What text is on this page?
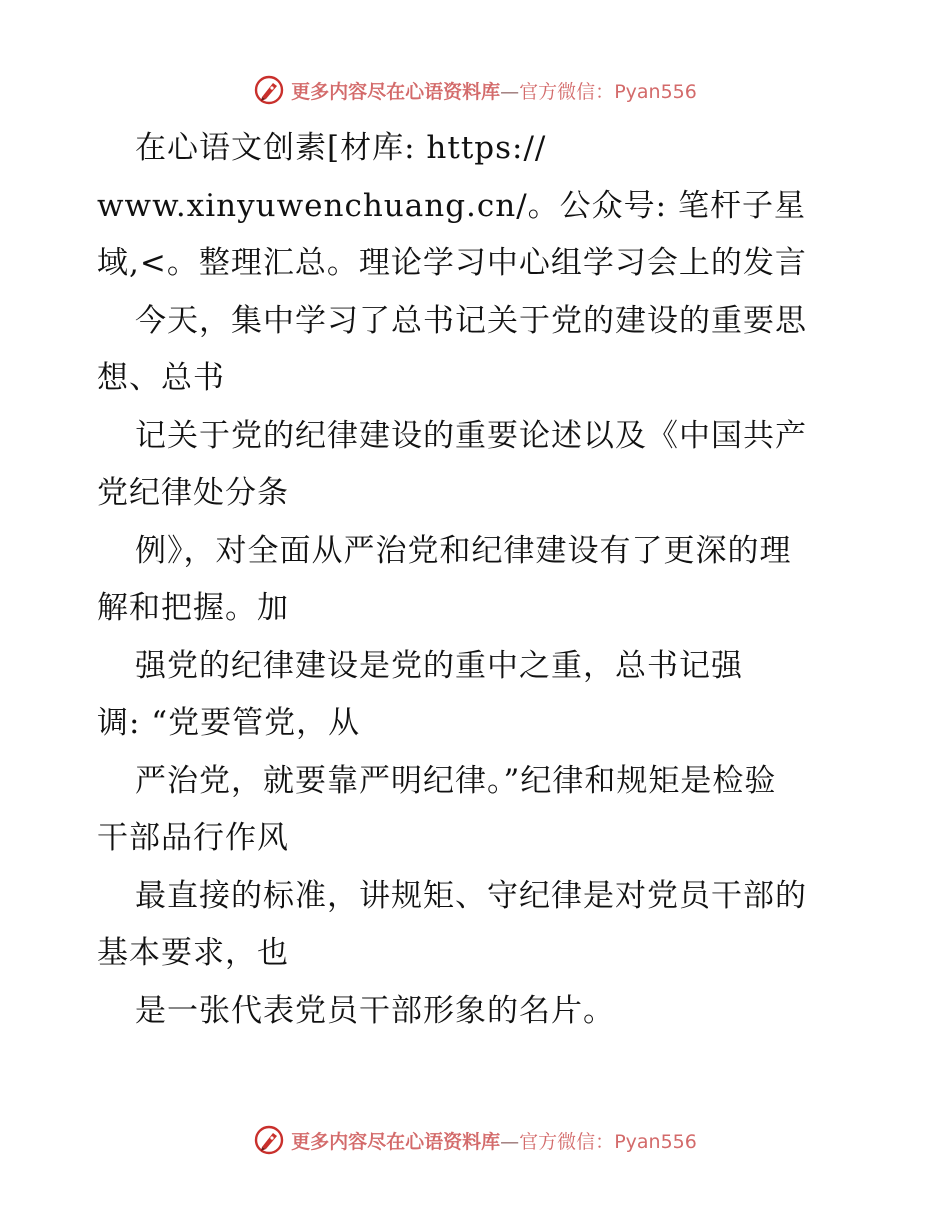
更多内容尽在心语资料库—官方微信：Pyan556
在心语文创素[材库: https://
www.xinyuwenchuang.cn/。公众号: 笔杆子星
域,<。整理汇总。理论学习中心组学习会上的发言
今天，集中学习了总书记关于党的建设的重要思
想、总书
记关于党的纪律建设的重要论述以及《中国共产
党纪律处分条
例》，对全面从严治党和纪律建设有了更深的理
解和把握。加
强党的纪律建设是党的重中之重，总书记强
调: “党要管党，从
严治党，就要靠严明纪律。”纪律和规矩是检验
干部品行作风
最直接的标准，讲规矩、守纪律是对党员干部的
基本要求，也
是一张代表党员干部形象的名片。
更多内容尽在心语资料库—官方微信：Pyan556
